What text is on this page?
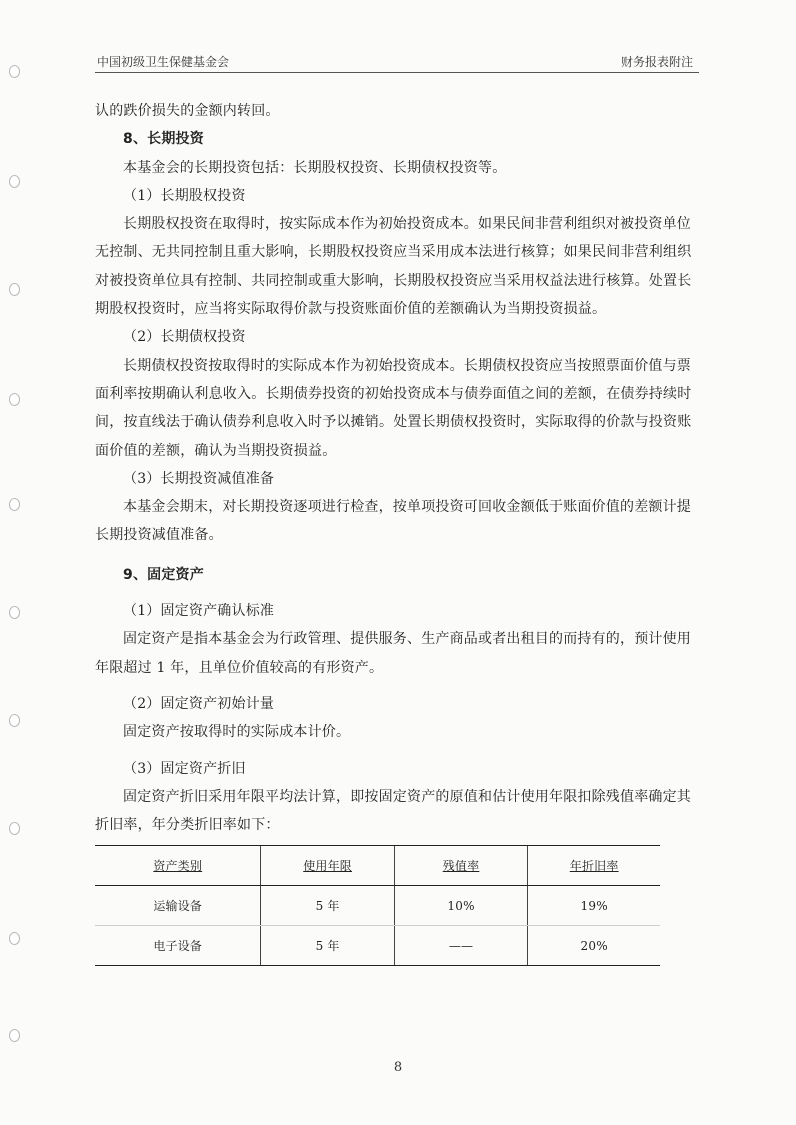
中国初级卫生保健基金会	财务报表附注

认的跌价损失的金额内转回。

8、长期投资

本基金会的长期投资包括：长期股权投资、长期债权投资等。

（1）长期股权投资

长期股权投资在取得时，按实际成本作为初始投资成本。如果民间非营利组织对被投资单位无控制、无共同控制且重大影响，长期股权投资应当采用成本法进行核算；如果民间非营利组织对被投资单位具有控制、共同控制或重大影响，长期股权投资应当采用权益法进行核算。处置长期股权投资时，应当将实际取得价款与投资账面价值的差额确认为当期投资损益。

（2）长期债权投资

长期债权投资按取得时的实际成本作为初始投资成本。长期债权投资应当按照票面价值与票面利率按期确认利息收入。长期债券投资的初始投资成本与债券面值之间的差额，在债券持续时间，按直线法于确认债券利息收入时予以摊销。处置长期债权投资时，实际取得的价款与投资账面价值的差额，确认为当期投资损益。

（3）长期投资减值准备

本基金会期末，对长期投资逐项进行检查，按单项投资可回收金额低于账面价值的差额计提长期投资减值准备。

9、固定资产

（1）固定资产确认标准

固定资产是指本基金会为行政管理、提供服务、生产商品或者出租目的而持有的，预计使用年限超过 1 年，且单位价值较高的有形资产。

（2）固定资产初始计量

固定资产按取得时的实际成本计价。

（3）固定资产折旧

固定资产折旧采用年限平均法计算，即按固定资产的原值和估计使用年限扣除残值率确定其折旧率，年分类折旧率如下：

资产类别	使用年限	残值率	年折旧率
运输设备	5 年	10%	19%
电子设备	5 年	——	20%
8
